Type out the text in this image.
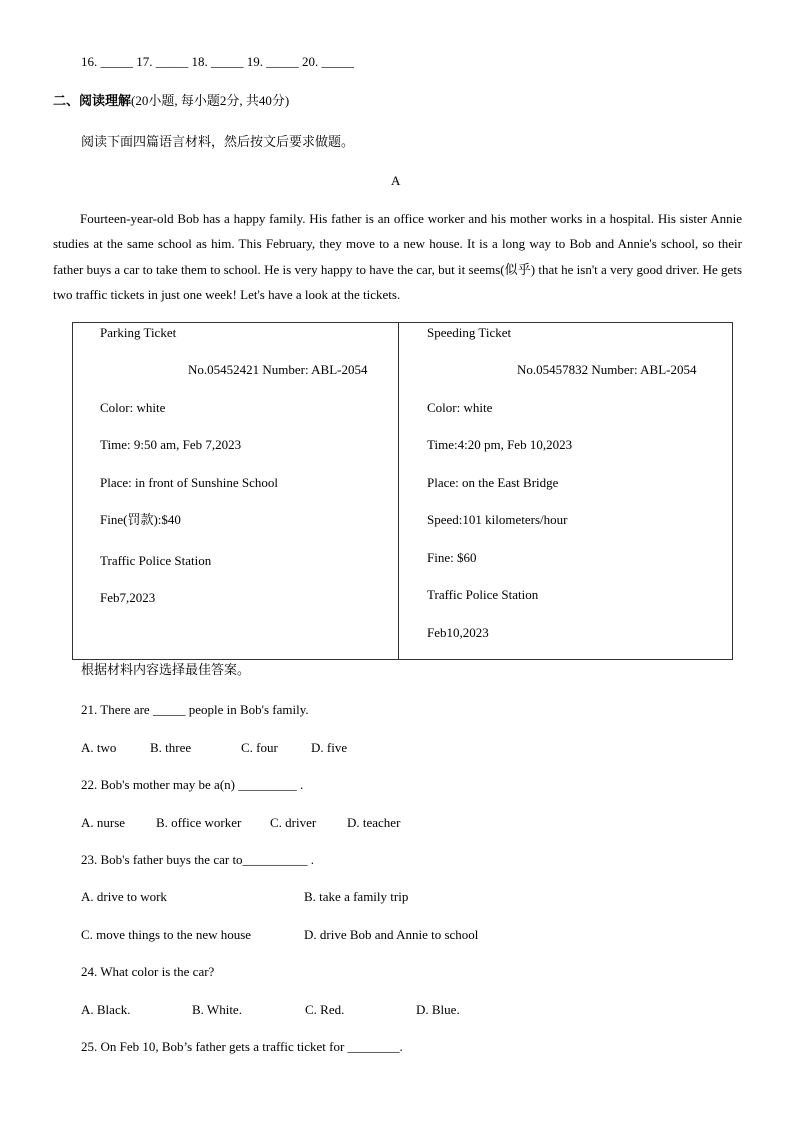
16. _____ 17. _____ 18. _____ 19. _____ 20. _____
二、阅读理解(20小题, 每小题2分, 共40分)
阅读下面四篇语言材料，然后按文后要求做题。
A

Fourteen-year-old Bob has a happy family. His father is an office worker and his mother works in a hospital. His sister Annie studies at the same school as him. This February, they move to a new house. It is a long way to Bob and Annie's school, so their father buys a car to take them to school. He is very happy to have the car, but it seems(似乎) that he isn't a very good driver. He gets two traffic tickets in just one week! Let's have a look at the tickets.

Parking Ticket
No.05452421 Number: ABL-2054
Color: white
Time: 9:50 am, Feb 7,2023
Place: in front of Sunshine School
Fine(罚款):$40
Traffic Police Station
Feb7,2023

Speeding Ticket
No.05457832 Number: ABL-2054
Color: white
Time:4:20 pm, Feb 10,2023
Place: on the East Bridge
Speed:101 kilometers/hour
Fine: $60
Traffic Police Station
Feb10,2023
根据材料内容选择最佳答案。
21. There are _____ people in Bob's family.
A. two	B. three	C. four	D. five
22. Bob's mother may be a(n) _________ .
A. nurse B. office worker C. driver D. teacher
23. Bob's father buys the car to__________ .
A. drive to work	B. take a family trip
C. move things to the new house	D. drive Bob and Annie to school
24. What color is the car?
A. Black.	B. White.	C. Red.	D. Blue.
25. On Feb 10, Bob’s father gets a traffic ticket for ________.
